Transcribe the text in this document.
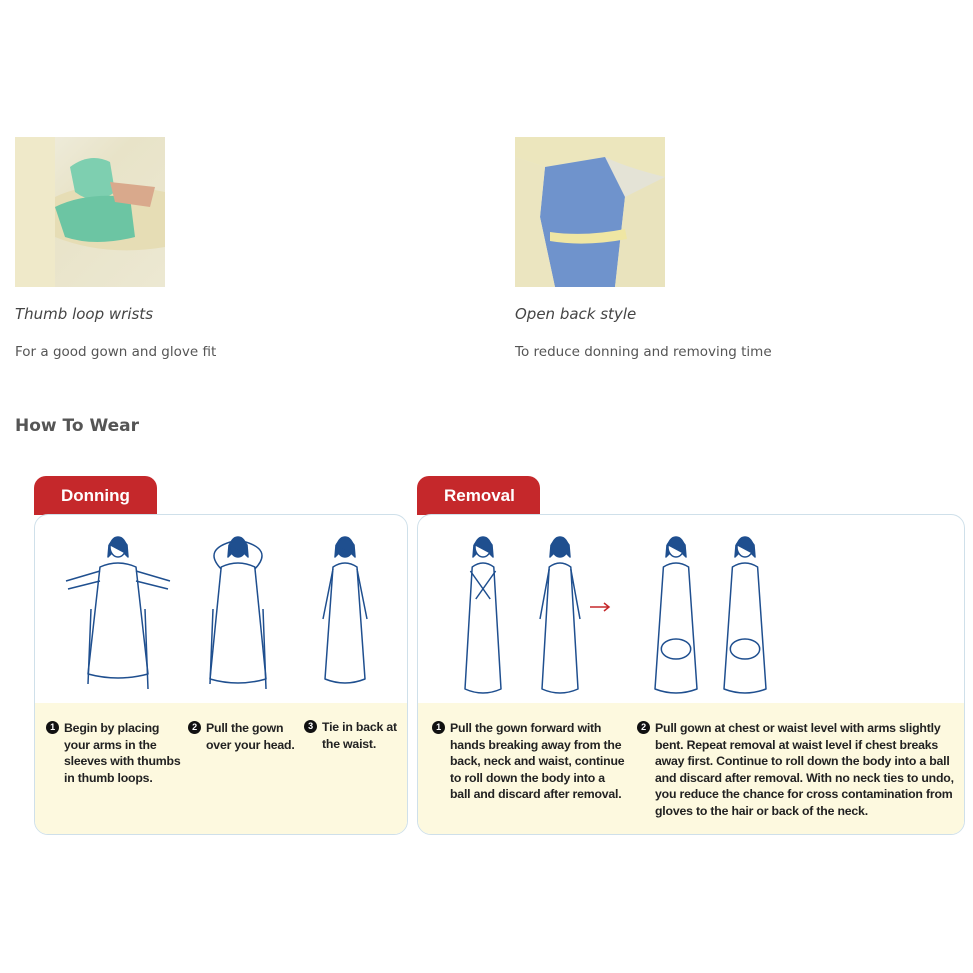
Thumb loop wrists
For a good gown and glove fit
Open back style
To reduce donning and removing time
How To Wear
Donning
1 Begin by placing your arms in the sleeves with thumbs in thumb loops.
2 Pull the gown over your head.
3 Tie in back at the waist.
Removal
1 Pull the gown forward with hands breaking away from the back, neck and waist, continue to roll down the body into a ball and discard after removal.
2 Pull gown at chest or waist level with arms slightly bent. Repeat removal at waist level if chest breaks away first. Continue to roll down the body into a ball and discard after removal. With no neck ties to undo, you reduce the chance for cross contamination from gloves to the hair or back of the neck.
